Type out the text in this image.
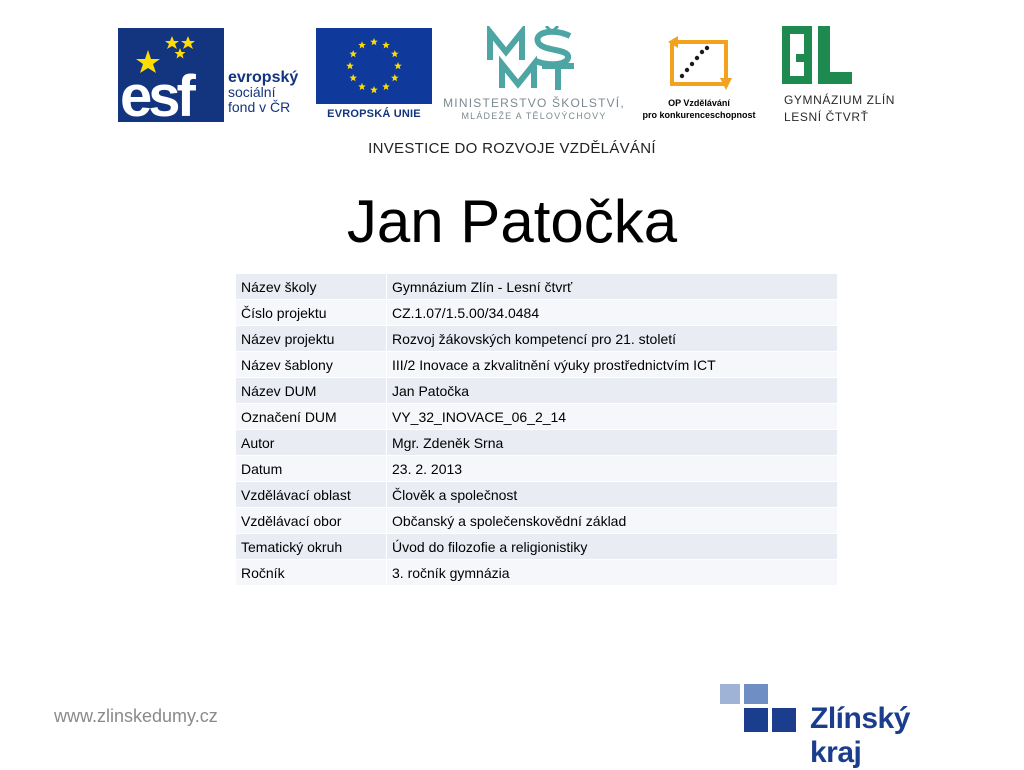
esf evropský
sociální
fond v ČR	EVROPSKÁ UNIE
MINISTERSTVO ŠKOLSTVÍ,
MLÁDEŽE A TĚLOVÝCHOVY
OP Vzdělávání
pro konkurenceschopnost
GYMNÁZIUM ZLÍN
LESNÍ ČTVRŤ
INVESTICE DO ROZVOJE VZDĚLÁVÁNÍ
Jan Patočka
Název školy	Gymnázium Zlín - Lesní čtvrť
Číslo projektu	CZ.1.07/1.5.00/34.0484
Název projektu	Rozvoj žákovských kompetencí pro 21. století
Název šablony	III/2 Inovace a zkvalitnění výuky prostřednictvím ICT
Název DUM	Jan Patočka
Označení DUM	VY_32_INOVACE_06_2_14
Autor	Mgr. Zdeněk Srna
Datum	23. 2. 2013
Vzdělávací oblast	Člověk a společnost
Vzdělávací obor	Občanský a společenskovědní základ
Tematický okruh	Úvod do filozofie a religionistiky
Ročník	3. ročník gymnázia
www.zlinskedumy.cz	Zlínský kraj
